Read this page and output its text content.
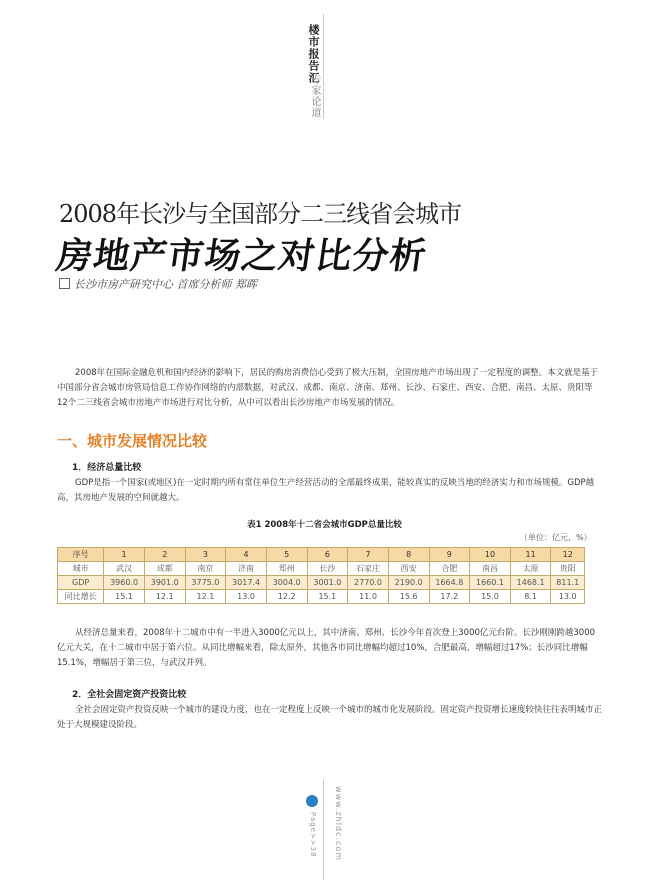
楼市报告汇
专家论道
2008年长沙与全国部分二三线省会城市
房地产市场之对比分析
长沙市房产研究中心 首席分析师 郑晖
2008年在国际金融危机和国内经济的影响下，居民的购房消费信心受到了极大压制，全国房地产市场出现了一定程度的调整。本文就是基于中国部分省会城市房管局信息工作协作网络的内部数据，对武汉、成都、南京、济南、郑州、长沙、石家庄、西安、合肥、南昌、太原、贵阳等12个二三线省会城市房地产市场进行对比分析，从中可以看出长沙房地产市场发展的情况。
一、城市发展情况比较
1．经济总量比较
GDP是指一个国家(或地区)在一定时期内所有常住单位生产经营活动的全部最终成果，能较真实的反映当地的经济实力和市场规模。GDP越高，其房地产发展的空间就越大。
表1 2008年十二省会城市GDP总量比较
（单位：亿元，%）
序号	1	2	3	4	5	6	7	8	9	10	11	12
城市	武汉	成都	南京	济南	郑州	长沙	石家庄	西安	合肥	南昌	太原	贵阳
GDP	3960.0	3901.0	3775.0	3017.4	3004.0	3001.0	2770.0	2190.0	1664.8	1660.1	1468.1	811.1
同比增长	15.1	12.1	12.1	13.0	12.2	15.1	11.0	15.6	17.2	15.0	8.1	13.0
从经济总量来看，2008年十二城市中有一半进入3000亿元以上，其中济南、郑州、长沙今年首次登上3000亿元台阶。长沙刚刚跨越3000亿元大关，在十二城市中居于第六位。从同比增幅来看，除太原外，其他各市同比增幅均超过10%，合肥最高，增幅超过17%；长沙同比增幅15.1%，增幅居于第三位，与武汉并列。
2．全社会固定资产投资比较
全社会固定资产投资反映一个城市的建设力度，也在一定程度上反映一个城市的城市化发展阶段。固定资产投资增长速度较快往往表明城市正处于大规模建设阶段。
Page>>38 www.zhldc.com
